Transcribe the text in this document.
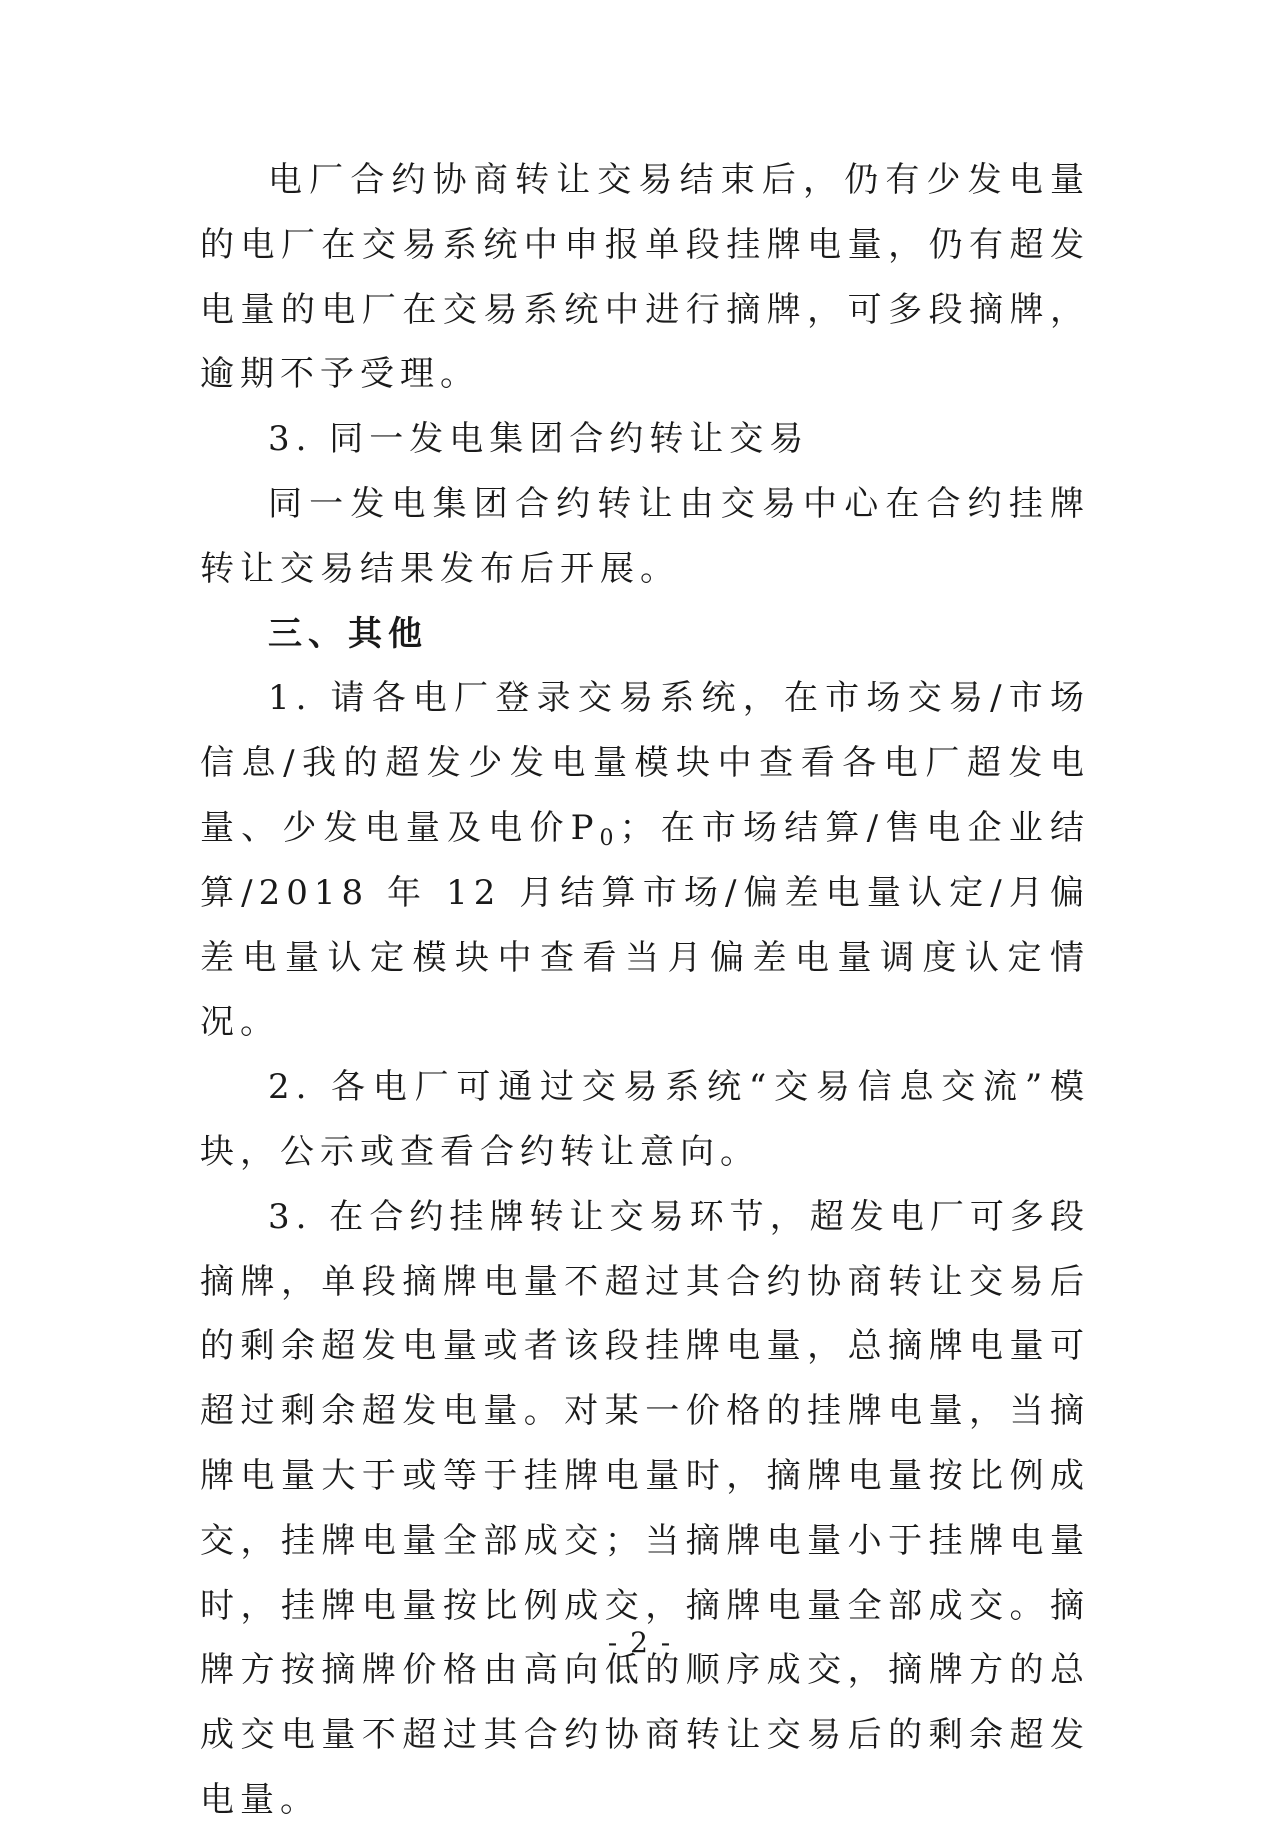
电厂合约协商转让交易结束后，仍有少发电量的电厂在交易系统中申报单段挂牌电量，仍有超发电量的电厂在交易系统中进行摘牌，可多段摘牌，逾期不予受理。

3. 同一发电集团合约转让交易

同一发电集团合约转让由交易中心在合约挂牌转让交易结果发布后开展。

三、其他

1. 请各电厂登录交易系统，在市场交易/市场信息/我的超发少发电量模块中查看各电厂超发电量、少发电量及电价$P_0$；在市场结算/售电企业结算/2018 年 12 月结算市场/偏差电量认定/月偏差电量认定模块中查看当月偏差电量调度认定情况。

2. 各电厂可通过交易系统“交易信息交流”模块，公示或查看合约转让意向。

3. 在合约挂牌转让交易环节，超发电厂可多段摘牌，单段摘牌电量不超过其合约协商转让交易后的剩余超发电量或者该段挂牌电量，总摘牌电量可超过剩余超发电量。对某一价格的挂牌电量，当摘牌电量大于或等于挂牌电量时，摘牌电量按比例成交，挂牌电量全部成交；当摘牌电量小于挂牌电量时，挂牌电量按比例成交，摘牌电量全部成交。摘牌方按摘牌价格由高向低的顺序成交，摘牌方的总成交电量不超过其合约协商转让交易后的剩余超发电量。

- 2 -
